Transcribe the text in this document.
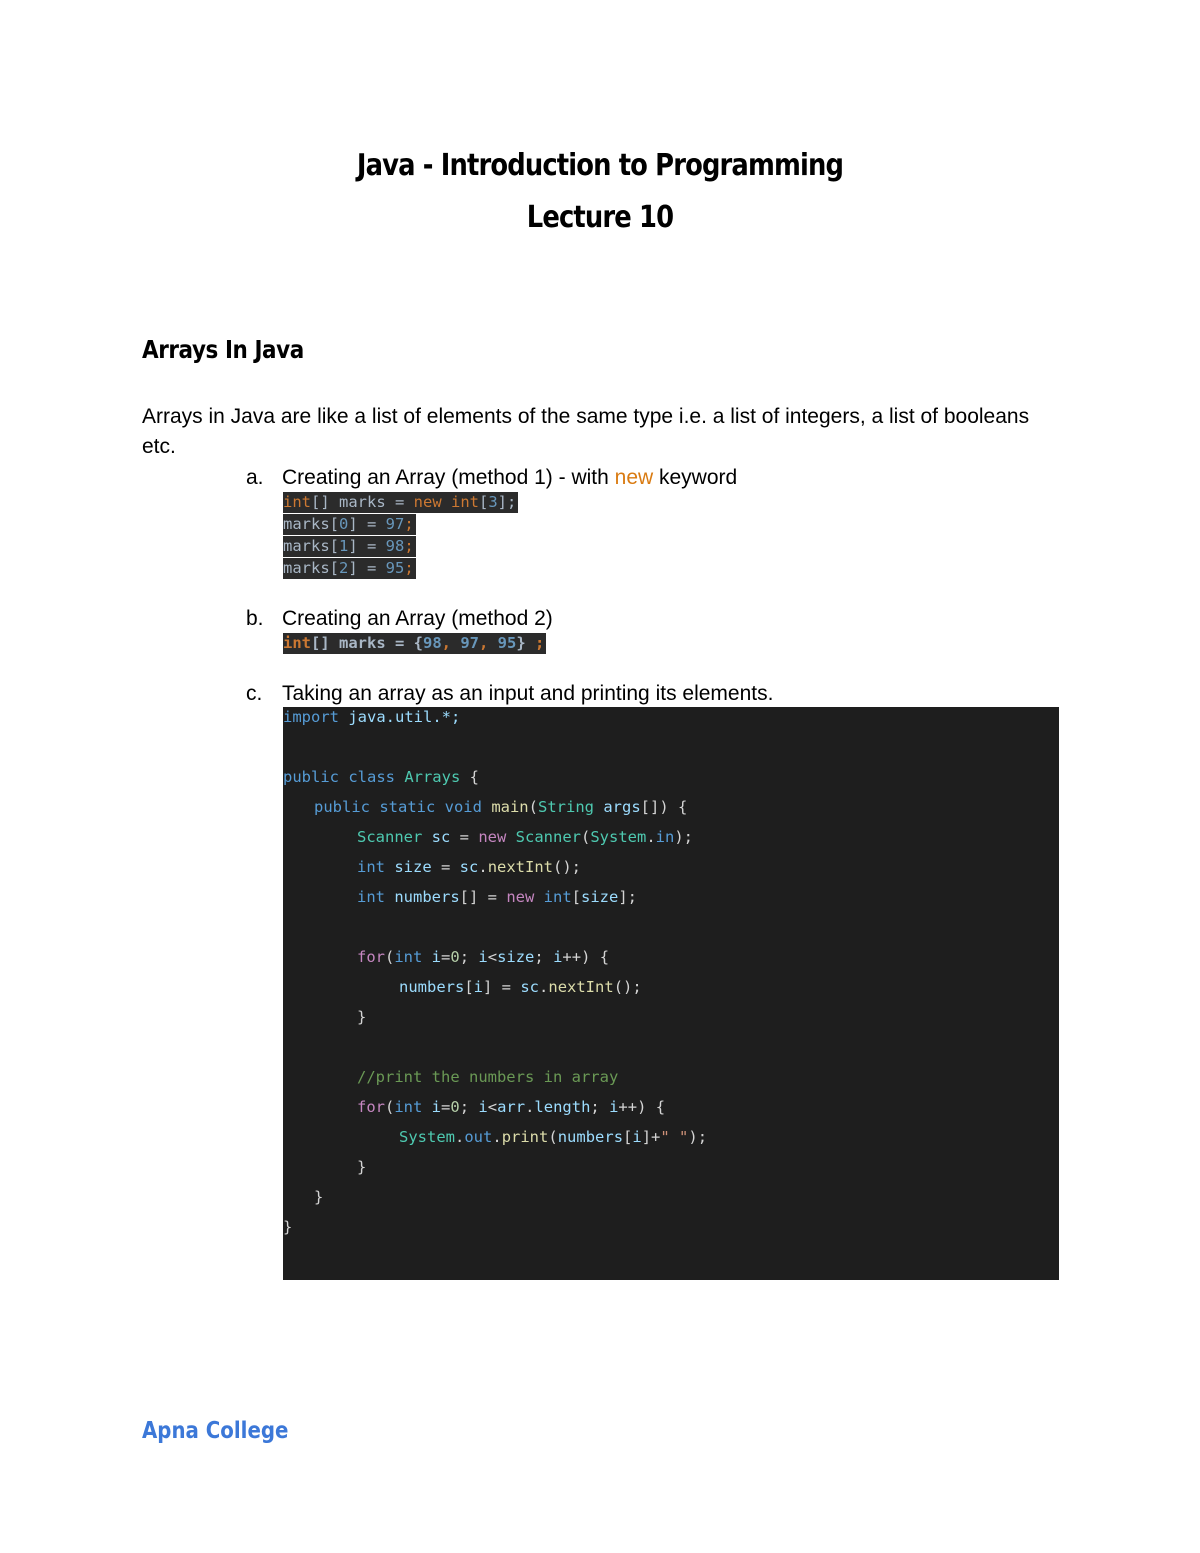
Java - Introduction to Programming
Lecture 10
Arrays In Java
Arrays in Java are like a list of elements of the same type i.e. a list of integers, a list of booleans etc.
a. Creating an Array (method 1) - with new keyword
int[] marks = new int[3];
marks[0] = 97;
marks[1] = 98;
marks[2] = 95;
b. Creating an Array (method 2)
int[] marks = {98, 97, 95} ;
c. Taking an array as an input and printing its elements.
import java.util.*;
public class Arrays {
public static void main(String args[]) {
Scanner sc = new Scanner(System.in);
int size = sc.nextInt();
int numbers[] = new int[size];
for(int i=0; i<size; i++) {
numbers[i] = sc.nextInt();
}
//print the numbers in array
for(int i=0; i<arr.length; i++) {
System.out.print(numbers[i]+" ");
}
}
}
Apna College
